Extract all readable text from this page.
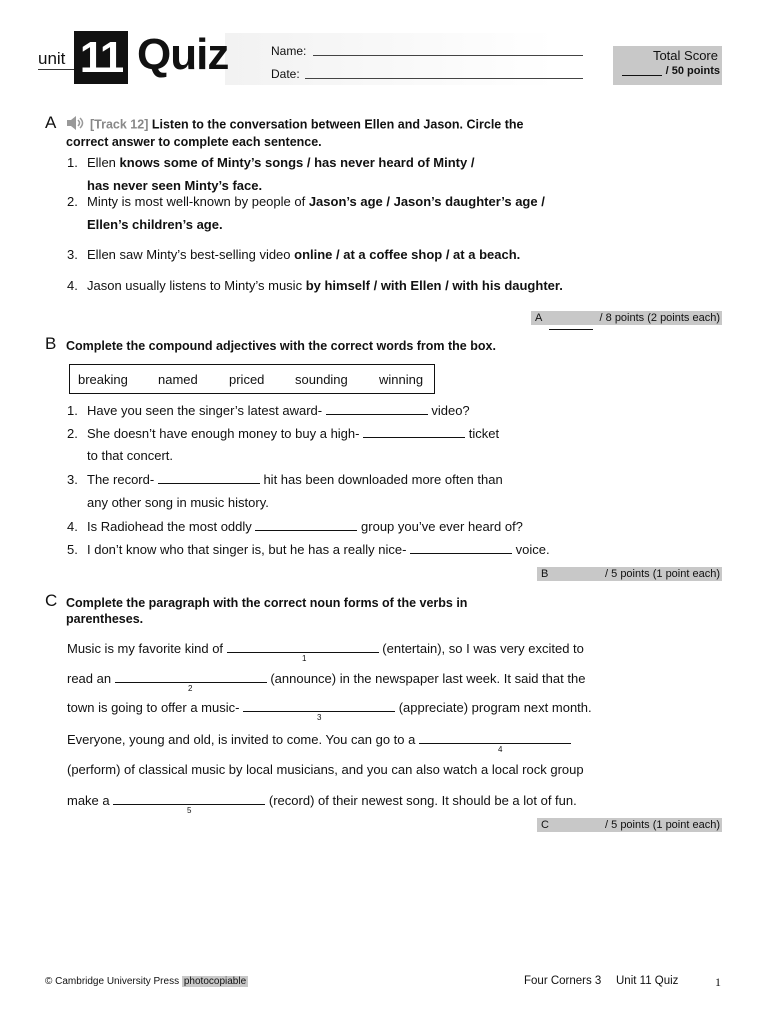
unit 11 Quiz	Name:
Date:
Total Score
/ 50 points
A	[Track 12] Listen to the conversation between Ellen and Jason. Circle the
correct answer to complete each sentence.
1. Ellen knows some of Minty’s songs / has never heard of Minty /
has never seen Minty’s face.
2. Minty is most well-known by people of Jason’s age / Jason’s daughter’s age /
Ellen’s children’s age.
3. Ellen saw Minty’s best-selling video online / at a coffee shop / at a beach.
4. Jason usually listens to Minty’s music by himself / with Ellen / with his daughter.
A	/ 8 points (2 points each)
B Complete the compound adjectives with the correct words from the box.
breaking named priced sounding winning
1. Have you seen the singer’s latest award-	video?
2. She doesn’t have enough money to buy a high-	ticket
to that concert.
3. The record-	hit has been downloaded more often than
any other song in music history.
4. Is Radiohead the most oddly	group you’ve ever heard of?
5. I don’t know who that singer is, but he has a really nice-	voice.
B	/ 5 points (1 point each)
C Complete the paragraph with the correct noun forms of the verbs in
parentheses.
Music is my favorite kind of	(entertain), so I was very excited to
1
read an	(announce) in the newspaper last week. It said that the
2
town is going to offer a music-	(appreciate) program next month.
3
Everyone, young and old, is invited to come. You can go to a
4
(perform) of classical music by local musicians, and you can also watch a local rock group
make a	(record) of their newest song. It should be a lot of fun.
5
C	/ 5 points (1 point each)
© Cambridge University Press photocopiable	Four Corners 3 Unit 11 Quiz	1
